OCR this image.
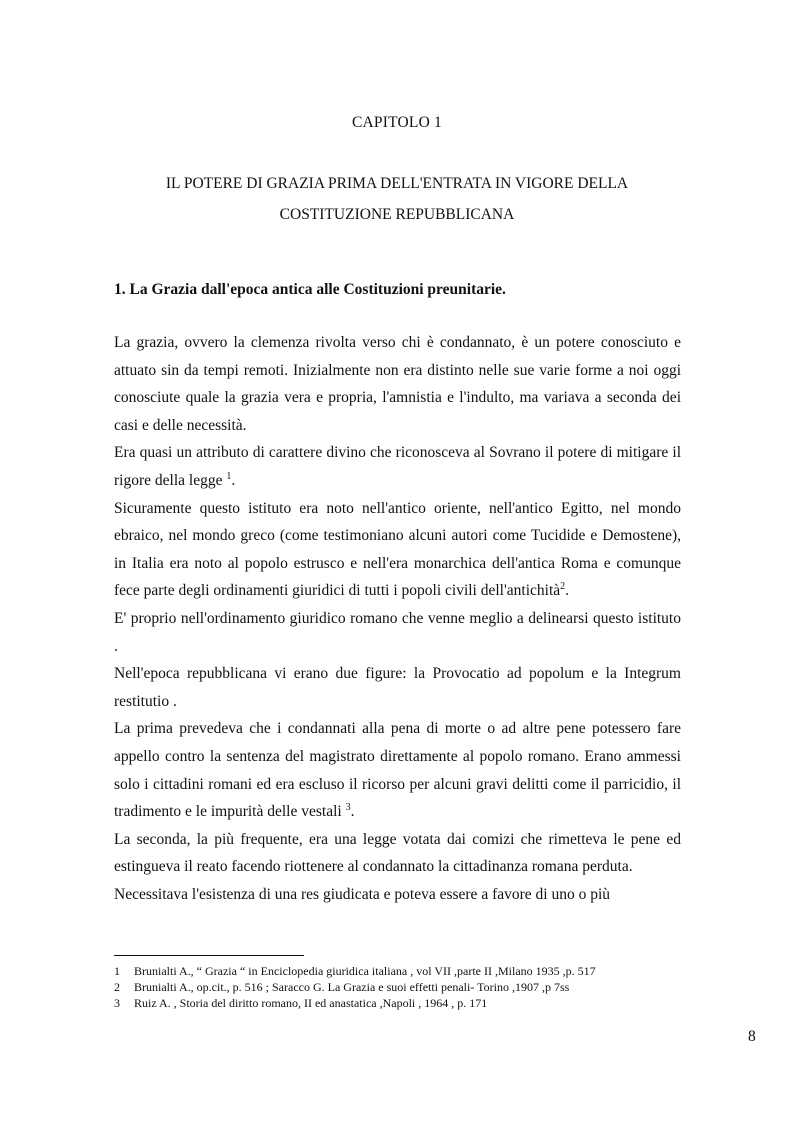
CAPITOLO 1
IL POTERE DI GRAZIA PRIMA DELL'ENTRATA IN VIGORE DELLA
COSTITUZIONE REPUBBLICANA
1. La Grazia dall'epoca antica alle Costituzioni preunitarie.

La grazia, ovvero la clemenza rivolta verso chi è condannato, è un potere conosciuto e attuato sin da tempi remoti. Inizialmente non era distinto nelle sue varie forme a noi oggi conosciute quale la grazia vera e propria, l'amnistia e l'indulto, ma variava a seconda dei casi e delle necessità.

Era quasi un attributo di carattere divino che riconosceva al Sovrano il potere di mitigare il rigore della legge $^1$.

Sicuramente questo istituto era noto nell'antico oriente, nell'antico Egitto, nel mondo ebraico, nel mondo greco (come testimoniano alcuni autori come Tucidide e Demostene), in Italia era noto al popolo estrusco e nell'era monarchica dell'antica Roma e comunque fece parte degli ordinamenti giuridici di tutti i popoli civili dell'antichità$^2$.

E' proprio nell'ordinamento giuridico romano che venne meglio a delinearsi questo istituto .

Nell'epoca repubblicana vi erano due figure: la Provocatio ad popolum e la Integrum restitutio .

La prima prevedeva che i condannati alla pena di morte o ad altre pene potessero fare appello contro la sentenza del magistrato direttamente al popolo romano. Erano ammessi solo i cittadini romani ed era escluso il ricorso per alcuni gravi delitti come il parricidio, il tradimento e le impurità delle vestali $^3$.

La seconda, la più frequente, era una legge votata dai comizi che rimetteva le pene ed estingueva il reato facendo riottenere al condannato la cittadinanza romana perduta.

Necessitava l'esistenza di una res giudicata e poteva essere a favore di uno o più

1	Brunialti A., “ Grazia “ in Enciclopedia giuridica italiana , vol VII ,parte II ,Milano 1935 ,p. 517
2	Brunialti A., op.cit., p. 516 ; Saracco G. La Grazia e suoi effetti penali- Torino ,1907 ,p 7ss
3	Ruiz A. , Storia del diritto romano, II ed anastatica ,Napoli , 1964 , p. 171
8
